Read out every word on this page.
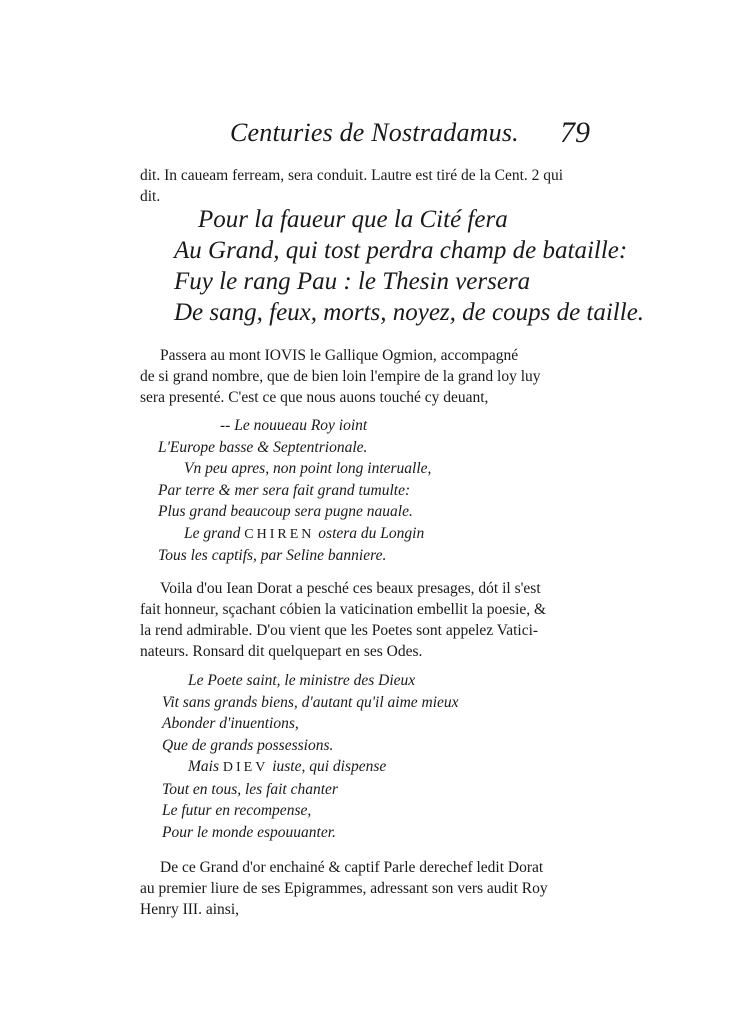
Centuries de Nostradamus. 79
dit. In caueam ferream, sera conduit. Lautre est tiré de la Cent. 2 qui
dit.
Pour la faueur que la Cité fera
Au Grand, qui tost perdra champ de bataille:
Fuy le rang Pau : le Thesin versera
De sang, feux, morts, noyez, de coups de taille.
Passera au mont IOVIS le Gallique Ogmion, accompagné
de si grand nombre, que de bien loin l'empire de la grand loy luy
sera presenté. C'est ce que nous auons touché cy deuant,
-- Le nouueau Roy ioint
L'Europe basse & Septentrionale.
Vn peu apres, non point long interualle,
Par terre & mer sera fait grand tumulte:
Plus grand beaucoup sera pugne nauale.
Le grand CHIREN ostera du Longin
Tous les captifs, par Seline banniere.
Voila d'ou Iean Dorat a pesché ces beaux presages, dót il s'est
fait honneur, sçachant cóbien la vaticination embellit la poesie, &
la rend admirable. D'ou vient que les Poetes sont appelez Vatici-
nateurs. Ronsard dit quelquepart en ses Odes.
Le Poete saint, le ministre des Dieux
Vit sans grands biens, d'autant qu'il aime mieux
Abonder d'inuentions,
Que de grands possessions.
Mais DIEV iuste, qui dispense
Tout en tous, les fait chanter
Le futur en recompense,
Pour le monde espouuanter.
De ce Grand d'or enchainé & captif Parle derechef ledit Dorat
au premier liure de ses Epigrammes, adressant son vers audit Roy
Henry III. ainsi,
